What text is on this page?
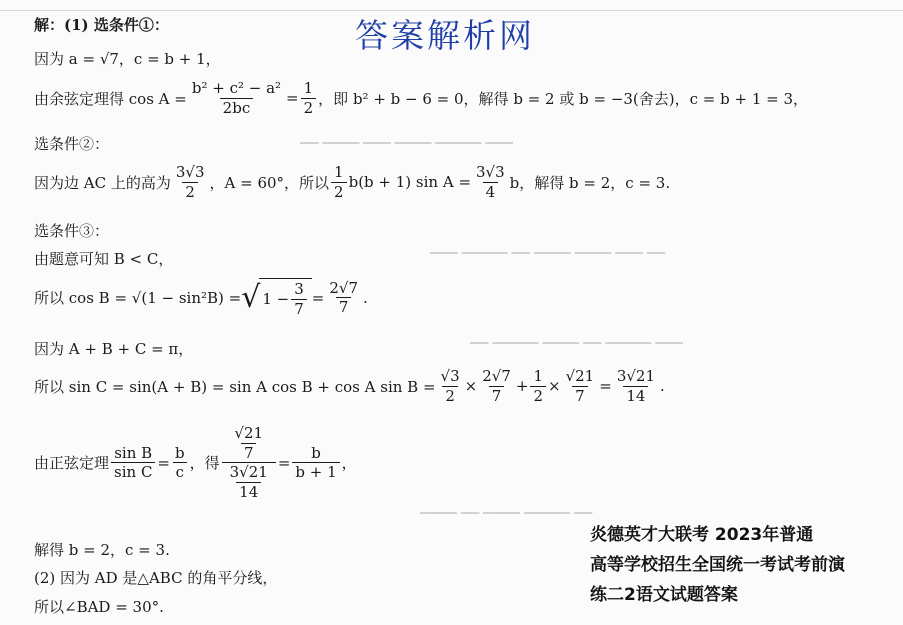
答案解析网
▁▁ ▁▁▁▁ ▁▁▁ ▁▁▁▁ ▁▁▁▁▁ ▁▁▁
▁▁▁ ▁▁▁▁▁ ▁▁ ▁▁▁▁ ▁▁▁▁ ▁▁▁ ▁▁
▁▁ ▁▁▁▁▁ ▁▁▁▁ ▁▁ ▁▁▁▁▁ ▁▁▁
▁▁▁▁ ▁▁ ▁▁▁▁ ▁▁▁▁▁ ▁▁
解：(1) 选条件①：
因为 a = √7，c = b + 1，
由余弦定理得 $\cos A = \frac{\text{b² + c² − a²}}{2bc} = \frac{1}{2}$ ，即 b² + b − 6 = 0，解得 b = 2 或 b = −3(舍去)，c = b + 1 = 3，
选条件②：
因为边 AC 上的高为 $\frac{3√3}{2}$ ，A = 60°，所以 $\frac{1}{2} b(b + 1)$ $\sin A = \frac{3√3}{4}$ b，解得 b = 2，c = 3.
选条件③：
由题意可知 B < C，
所以 cos B = √(1 − sin²B) = √ $1 - \frac{3}{7} = \frac{2√7}{7}$ .
因为 A + B + C = π，
所以 sin C = sin(A + B) = sin A cos B + cos A $\sin B = \frac{√3}{2} \times \frac{2√7}{7} + \frac{1}{2} \times \frac{√21}{7} = \frac{3√21}{14}$ .
由正弦定理 $\frac{\text{sin B}}{\text{sin C}} = \frac{b}{c}$ ，得 $\frac{\frac{√21}{7}}{\frac{3√21}{14}} = \frac{b}{b + 1}$ ，
解得 b = 2，c = 3.
(2) 因为 AD 是△ABC 的角平分线，
所以∠BAD = 30°.
炎德英才大联考 2023年普通
高等学校招生全国统一考试考前演
练二2语文试题答案
